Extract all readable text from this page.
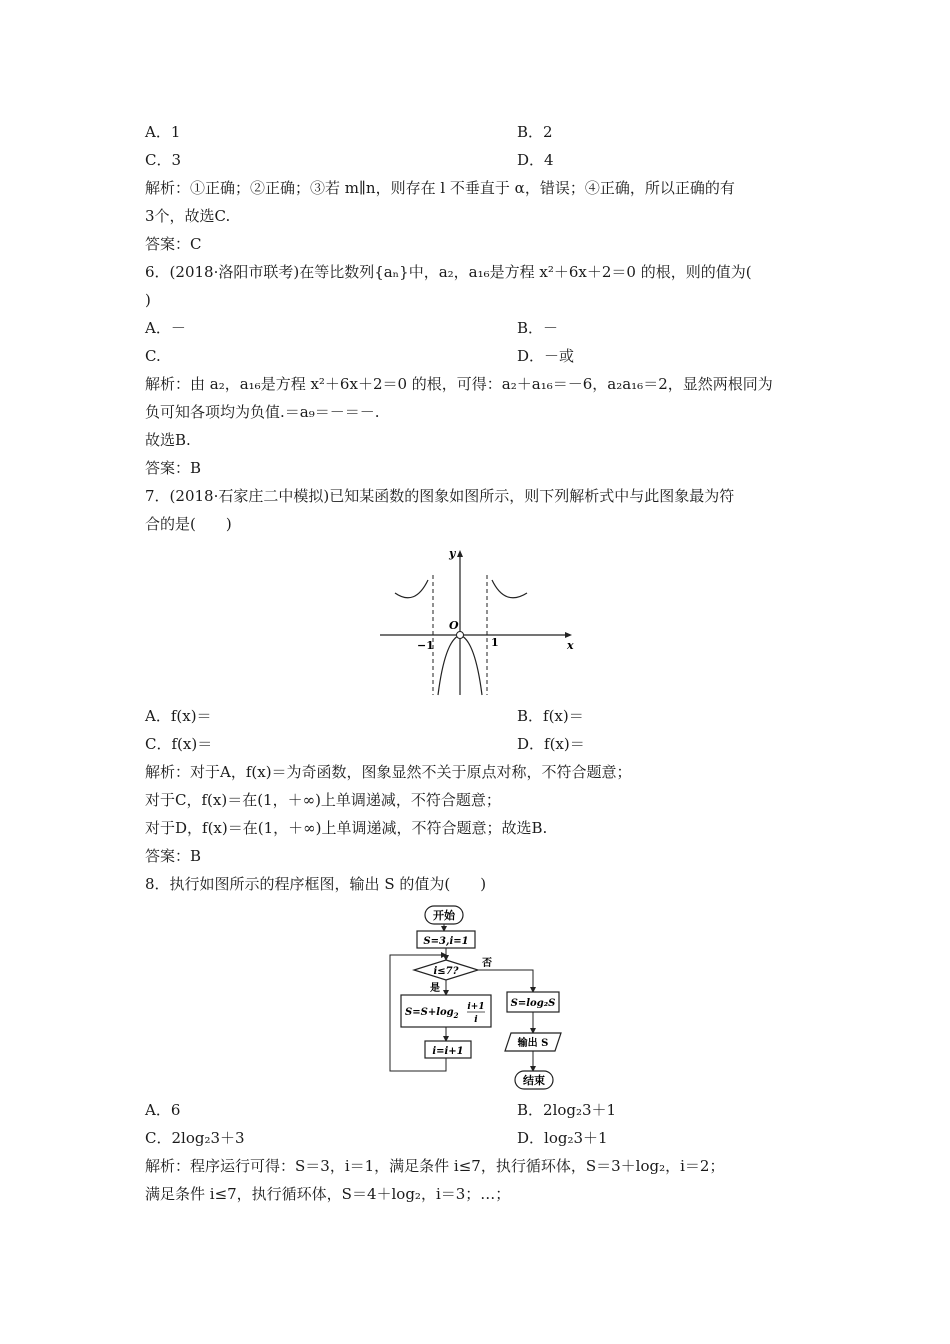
A．1	B．2
C．3	D．4
解析：①正确；②正确；③若 m∥n，则存在 l 不垂直于 α，错误；④正确，所以正确的有
3个，故选C.
答案：C
6．(2018·洛阳市联考)在等比数列{aₙ}中，a₂，a₁₆是方程 x²＋6x＋2＝0 的根，则的值为(
)
A．－	B．－
C.	D．－或
解析：由 a₂，a₁₆是方程 x²＋6x＋2＝0 的根，可得：a₂＋a₁₆＝－6，a₂a₁₆＝2，显然两根同为
负可知各项均为负值.＝a₉＝－＝－.
故选B.
答案：B
7．(2018·石家庄二中模拟)已知某函数的图象如图所示，则下列解析式中与此图象最为符
合的是(　　)
A．f(x)＝	B．f(x)＝
C．f(x)＝	D．f(x)＝
解析：对于A，f(x)＝为奇函数，图象显然不关于原点对称，不符合题意；
对于C，f(x)＝在(1，＋∞)上单调递减，不符合题意；
对于D，f(x)＝在(1，＋∞)上单调递减，不符合题意；故选B.
答案：B
8．执行如图所示的程序框图，输出 S 的值为(　　)
A．6	B．2log₂3＋1
C．2log₂3＋3	D．log₂3＋1
解析：程序运行可得：S＝3，i＝1，满足条件 i≤7，执行循环体，S＝3＋log₂，i＝2；
满足条件 i≤7，执行循环体，S＝4＋log₂，i＝3；…；
y
x
O
−1	1
开始
S=3,i=1
i≤7?
否
是
S=log₂S
输出 S
结束
$S=S+\log_2$
i+1
i
i=i+1
